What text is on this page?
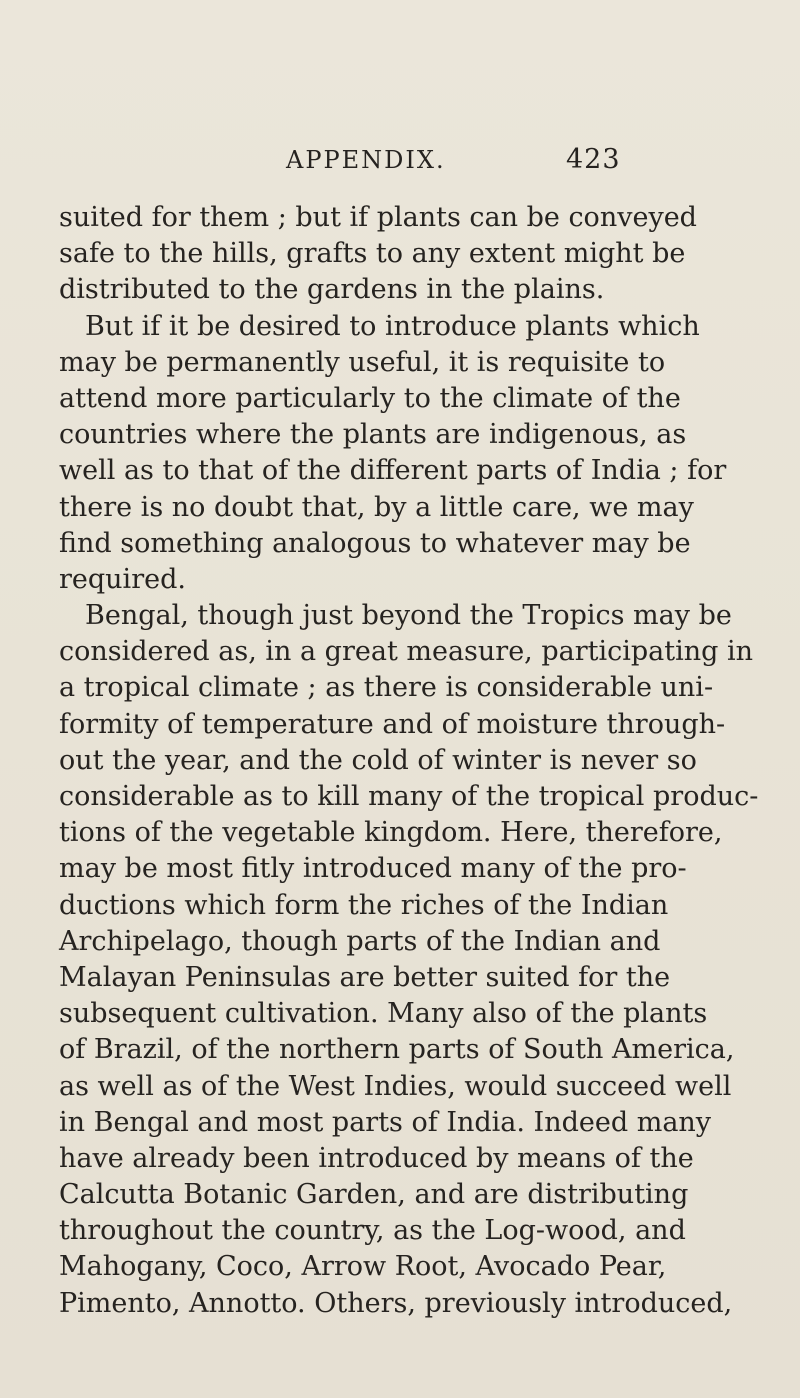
APPENDIX.	423
suited for them ; but if plants can be conveyed
safe to the hills, grafts to any extent might be
distributed to the gardens in the plains.
But if it be desired to introduce plants which
may be permanently useful, it is requisite to
attend more particularly to the climate of the
countries where the plants are indigenous, as
well as to that of the different parts of India ; for
there is no doubt that, by a little care, we may
find something analogous to whatever may be
required.
Bengal, though just beyond the Tropics may be
considered as, in a great measure, participating in
a tropical climate ; as there is considerable uni-
formity of temperature and of moisture through-
out the year, and the cold of winter is never so
considerable as to kill many of the tropical produc-
tions of the vegetable kingdom. Here, therefore,
may be most fitly introduced many of the pro-
ductions which form the riches of the Indian
Archipelago, though parts of the Indian and
Malayan Peninsulas are better suited for the
subsequent cultivation. Many also of the plants
of Brazil, of the northern parts of South America,
as well as of the West Indies, would succeed well
in Bengal and most parts of India. Indeed many
have already been introduced by means of the
Calcutta Botanic Garden, and are distributing
throughout the country, as the Log-wood, and
Mahogany, Coco, Arrow Root, Avocado Pear,
Pimento, Annotto. Others, previously introduced,
